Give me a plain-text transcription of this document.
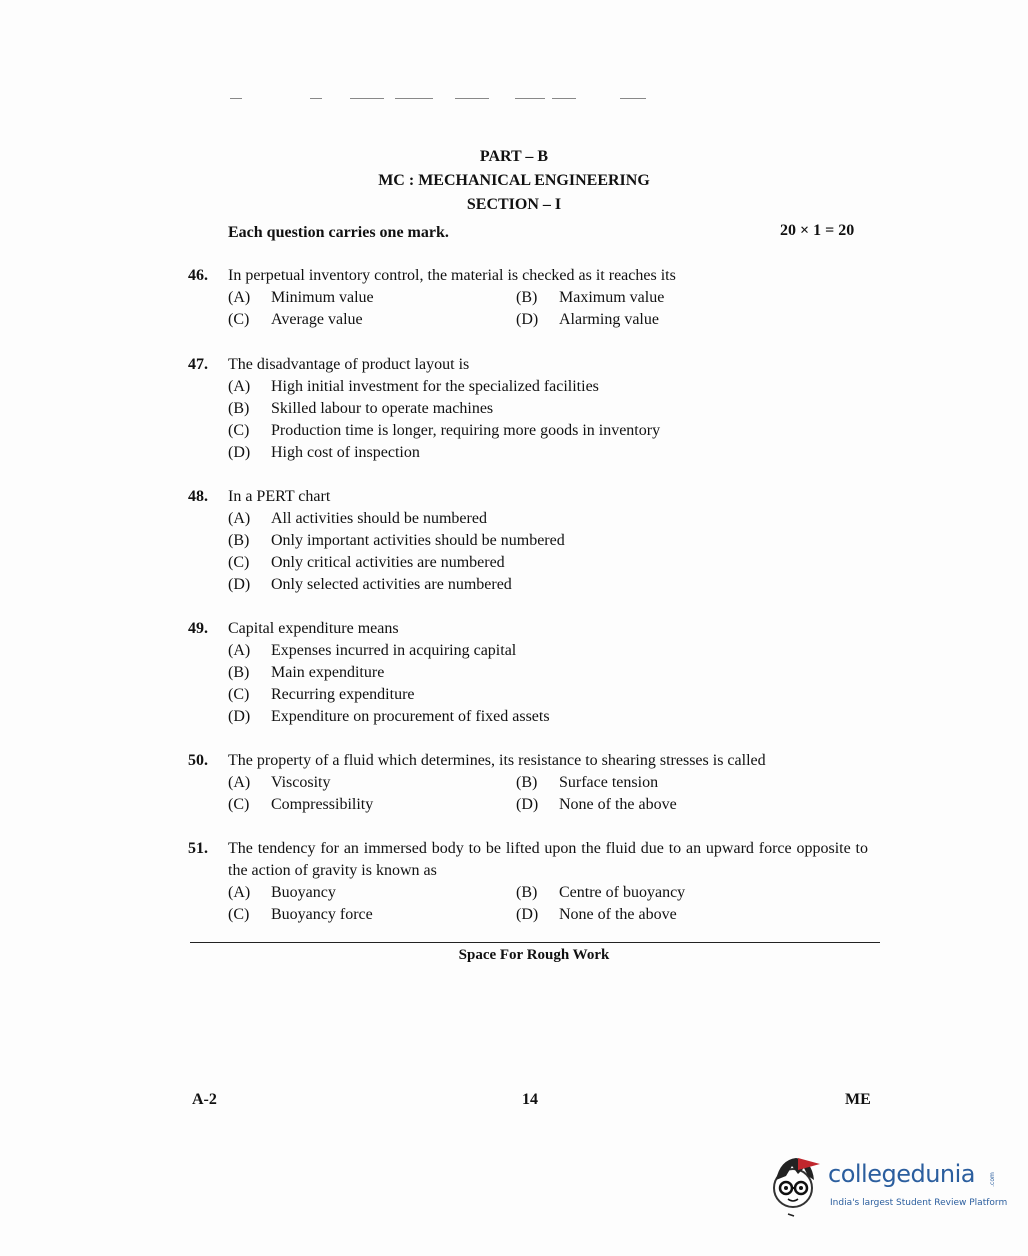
PART – B
MC : MECHANICAL ENGINEERING
SECTION – I
Each question carries one mark.	20 × 1 = 20
46. In perpetual inventory control, the material is checked as it reaches its
(A)	Minimum value	(B)	Maximum value
(C)	Average value	(D)	Alarming value
47. The disadvantage of product layout is
(A)	High initial investment for the specialized facilities
(B)	Skilled labour to operate machines
(C)	Production time is longer, requiring more goods in inventory
(D)	High cost of inspection
48. In a PERT chart
(A)	All activities should be numbered
(B)	Only important activities should be numbered
(C)	Only critical activities are numbered
(D)	Only selected activities are numbered
49. Capital expenditure means
(A)	Expenses incurred in acquiring capital
(B)	Main expenditure
(C)	Recurring expenditure
(D)	Expenditure on procurement of fixed assets
50. The property of a fluid which determines, its resistance to shearing stresses is called
(A)	Viscosity	(B)	Surface tension
(C)	Compressibility	(D)	None of the above
51. The tendency for an immersed body to be lifted upon the fluid due to an upward force opposite to the action of gravity is known as
(A)	Buoyancy	(B)	Centre of buoyancy
(C)	Buoyancy force	(D)	None of the above
Space For Rough Work
A-2	14	ME
collegedunia .com
India's largest Student Review Platform
